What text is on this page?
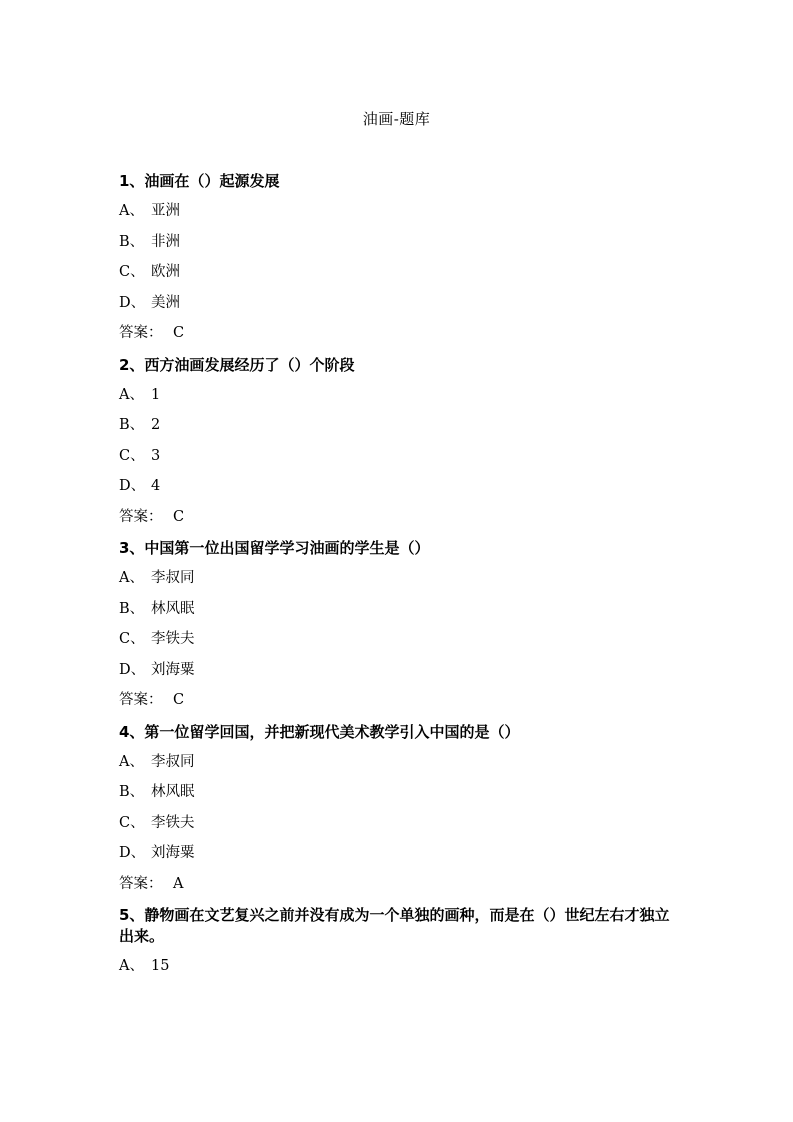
油画-题库
1、油画在（）起源发展
A、 亚洲
B、 非洲
C、 欧洲
D、 美洲
答案： C
2、西方油画发展经历了（）个阶段
A、 1
B、 2
C、 3
D、 4
答案： C
3、中国第一位出国留学学习油画的学生是（）
A、 李叔同
B、 林风眠
C、 李铁夫
D、 刘海粟
答案： C
4、第一位留学回国，并把新现代美术教学引入中国的是（）
A、 李叔同
B、 林风眠
C、 李铁夫
D、 刘海粟
答案： A
5、静物画在文艺复兴之前并没有成为一个单独的画种，而是在（）世纪左右才独立出来。
A、 15
